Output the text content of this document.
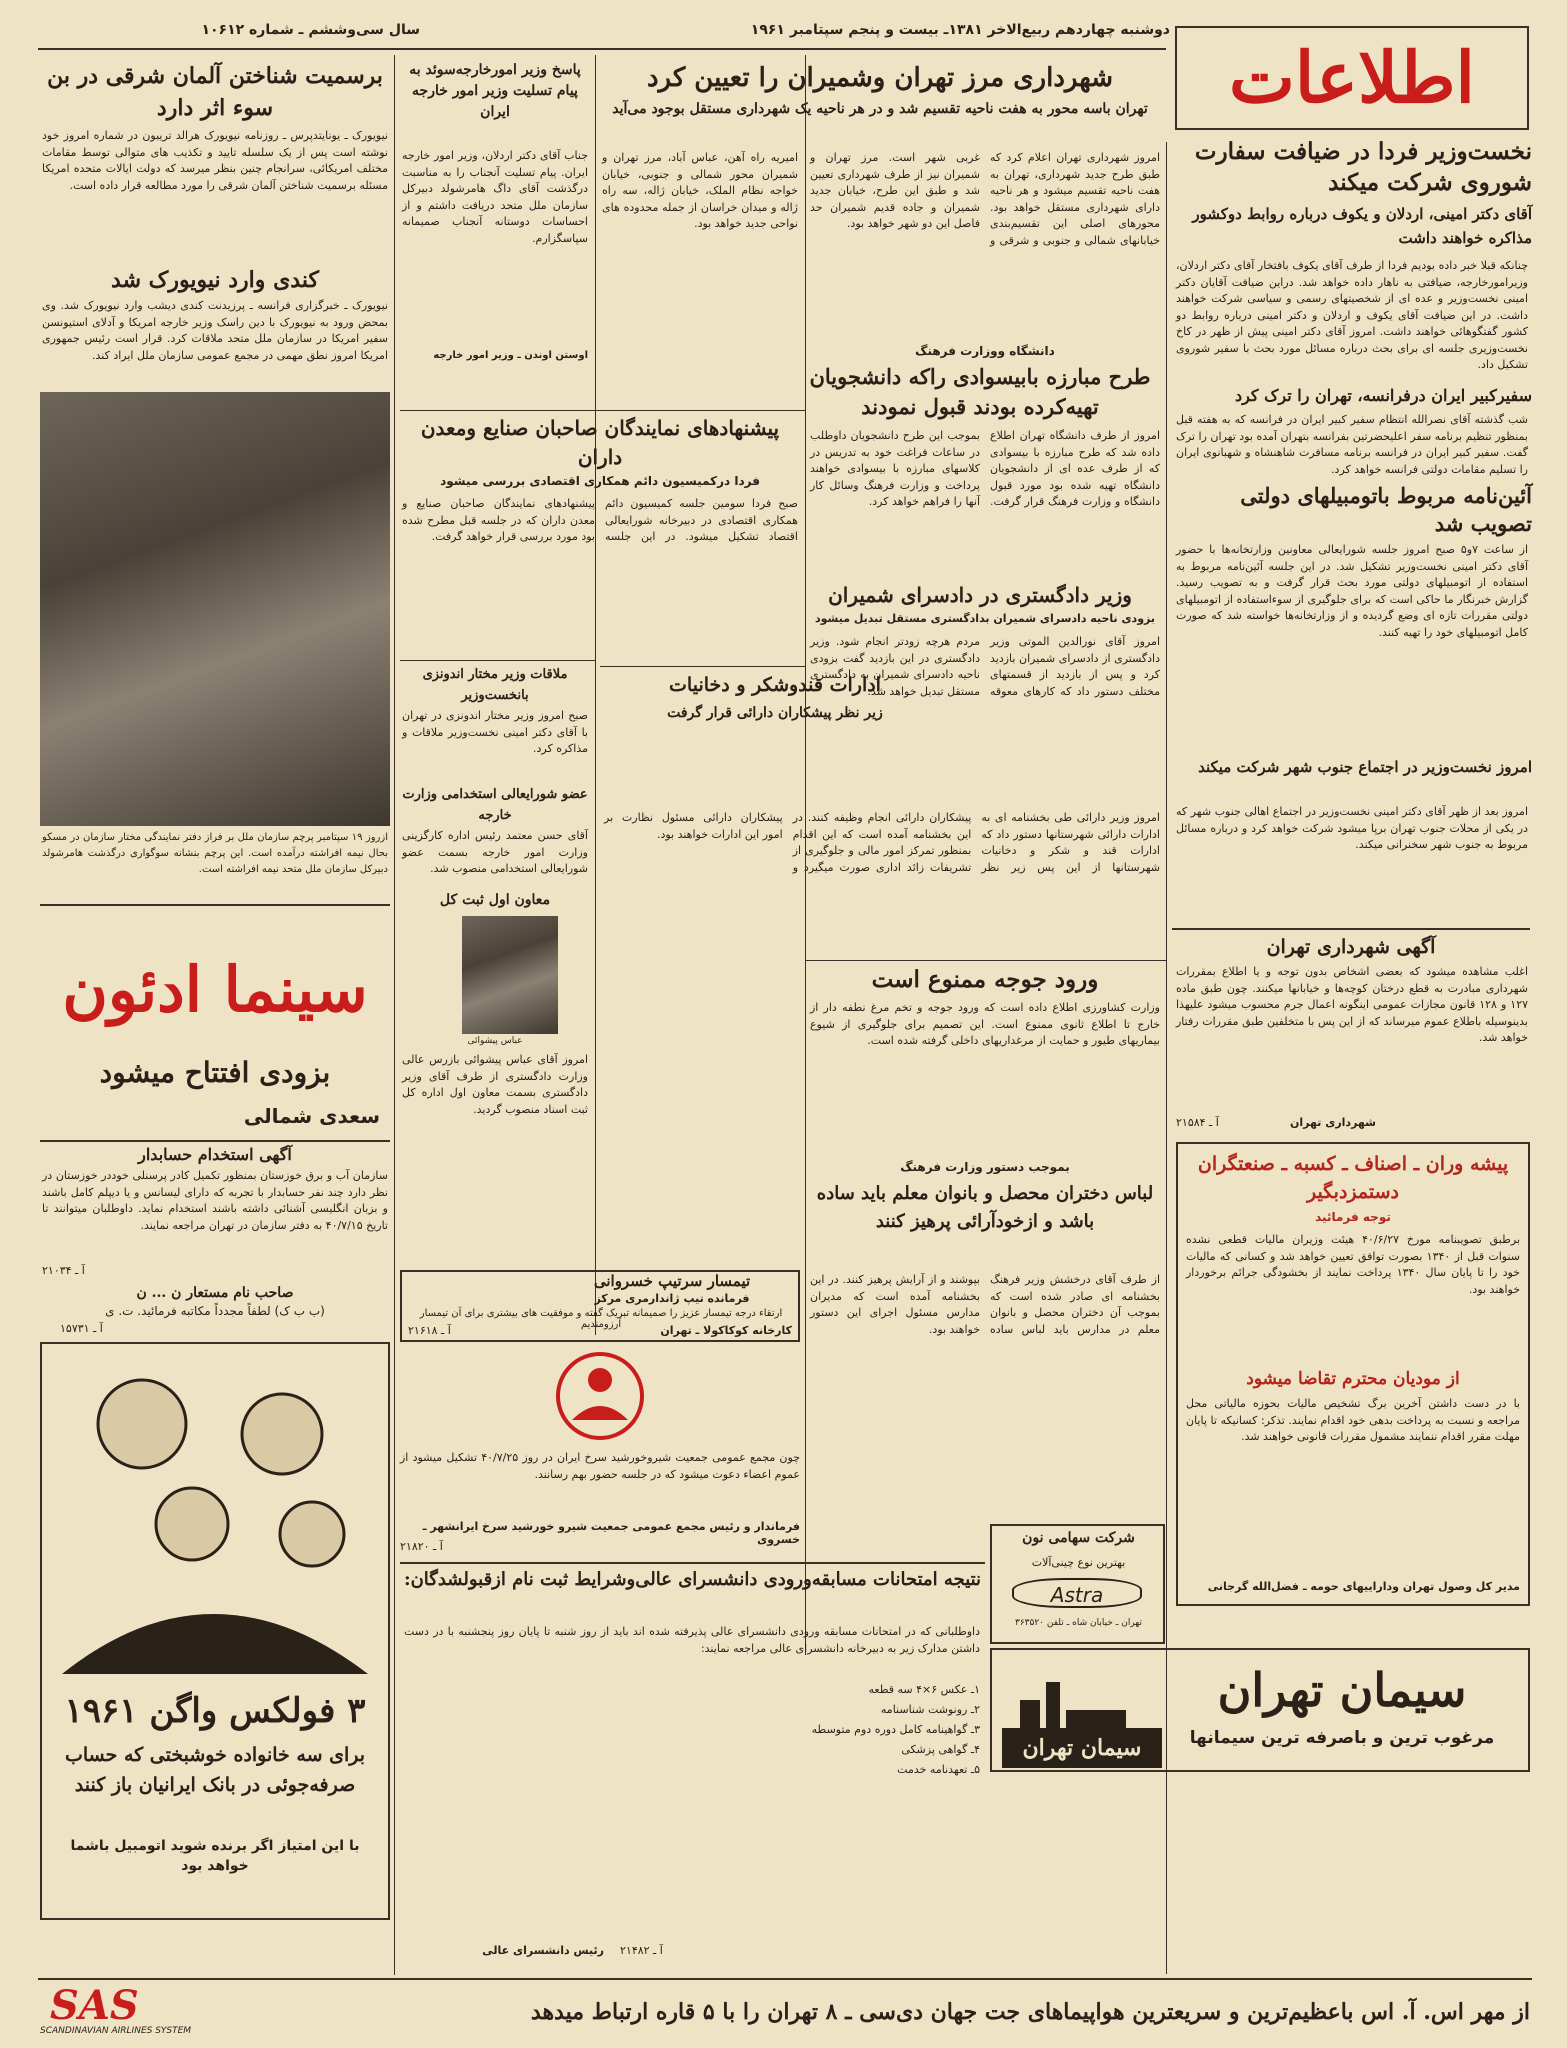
دوشنبه چهاردهم ربیع‌الاخر ۱۳۸۱ـ بیست و پنجم سپتامبر ۱۹۶۱
سال سی‌وششم ـ شماره ۱۰۶۱۲
اطلاعات
نخست‌وزیر فردا در ضیافت سفارت شوروی شرکت میکند
آقای دکتر امینی، اردلان و یکوف درباره روابط دوکشور مذاکره خواهند داشت
چنانکه قبلا خبر داده بودیم فردا از طرف آقای یکوف بافتخار آقای دکتر اردلان، وزیرامورخارجه، ضیافتی به ناهار داده خواهد شد. دراین ضیافت آقایان دکتر امینی نخست‌وزیر و عده ای از شخصیتهای رسمی و سیاسی شرکت خواهند داشت. در این ضیافت آقای یکوف و اردلان و دکتر امینی درباره روابط دو کشور گفتگوهائی خواهند داشت. امروز آقای دکتر امینی پیش از ظهر در کاخ نخست‌وزیری جلسه ای برای بحث درباره مسائل مورد بحث با سفیر شوروی تشکیل داد.
سفیرکبیر ایران درفرانسه، تهران را ترک کرد
شب گذشته آقای نصرالله انتظام سفیر کبیر ایران در فرانسه که به هفته قبل بمنظور تنظیم برنامه سفر اعلیحضرتین بفرانسه بتهران آمده بود تهران را ترک گفت. سفیر کبیر ایران در فرانسه برنامه مسافرت شاهنشاه و شهبانوی ایران را تسلیم مقامات دولتی فرانسه خواهد کرد.
آئین‌نامه مربوط باتومبیلهای دولتی تصویب شد
از ساعت ۷و۵ صبح امروز جلسه شورایعالی معاونین وزارتخانه‌ها با حضور آقای دکتر امینی نخست‌وزیر تشکیل شد. در این جلسه آئین‌نامه مربوط به استفاده از اتومبیلهای دولتی مورد بحث قرار گرفت و به تصویب رسید. گزارش خبرنگار ما حاکی است که برای جلوگیری از سوءاستفاده از اتومبیلهای دولتی مقررات تازه ای وضع گردیده و از وزارتخانه‌ها خواسته شد که صورت کامل اتومبیلهای خود را تهیه کنند.
امروز نخست‌وزیر در اجتماع جنوب شهر شرکت میکند
امروز بعد از ظهر آقای دکتر امینی نخست‌وزیر در اجتماع اهالی جنوب شهر که در یکی از محلات جنوب تهران برپا میشود شرکت خواهد کرد و درباره مسائل مربوط به جنوب شهر سخنرانی میکند.
آگهی شهرداری تهران
اغلب مشاهده میشود که بعضی اشخاص بدون توجه و یا اطلاع بمقررات شهرداری مبادرت به قطع درختان کوچه‌ها و خیابانها میکنند. چون طبق ماده ۱۲۷ و ۱۲۸ قانون مجازات عمومی اینگونه اعمال جرم محسوب میشود علیهذا بدینوسیله باطلاع عموم میرساند که از این پس با متخلفین طبق مقررات رفتار خواهد شد.
شهرداری تهران
آ ـ ۲۱۵۸۴
پیشه وران ـ اصناف ـ کسبه ـ صنعتگران دستمزدبگیر
توجه فرمائید
برطبق تصویبنامه مورخ ۴۰/۶/۲۷ هیئت وزیران مالیات قطعی نشده سنوات قبل از ۱۳۴۰ بصورت توافق تعیین خواهد شد و کسانی که مالیات خود را تا پایان سال ۱۳۴۰ پرداخت نمایند از بخشودگی جرائم برخوردار خواهند بود.
از مودیان محترم تقاضا میشود
با در دست داشتن آخرین برگ تشخیص مالیات بحوزه مالیاتی محل مراجعه و نسبت به پرداخت بدهی خود اقدام نمایند. تذکر: کسانیکه تا پایان مهلت مقرر اقدام ننمایند مشمول مقررات قانونی خواهند شد.
مدیر کل وصول تهران وداراییهای حومه ـ فضل‌الله گرجانی
سیمان تهران
سیمان تهران
مرغوب ترین و باصرفه ترین سیمانها
شهرداری مرز تهران وشمیران را تعیین کرد
تهران باسه محور به هفت ناحیه تقسیم شد و در هر ناحیه یک شهرداری مستقل بوجود می‌آید
امروز شهرداری تهران اعلام کرد که طبق طرح جدید شهرداری، تهران به هفت ناحیه تقسیم میشود و هر ناحیه دارای شهرداری مستقل خواهد بود. محورهای اصلی این تقسیم‌بندی خیابانهای شمالی و جنوبی و شرقی و غربی شهر است. مرز تهران و شمیران نیز از طرف شهرداری تعیین شد و طبق این طرح، خیابان جدید شمیران و جاده قدیم شمیران حد فاصل این دو شهر خواهد بود.
دانشگاه ووزارت فرهنگ
طرح مبارزه بابیسوادی راکه دانشجویان تهیه‌کرده بودند قبول نمودند
امروز از طرف دانشگاه تهران اطلاع داده شد که طرح مبارزه با بیسوادی که از طرف عده ای از دانشجویان دانشگاه تهیه شده بود مورد قبول دانشگاه و وزارت فرهنگ قرار گرفت. بموجب این طرح دانشجویان داوطلب در ساعات فراغت خود به تدریس در کلاسهای مبارزه با بیسوادی خواهند پرداخت و وزارت فرهنگ وسائل کار آنها را فراهم خواهد کرد.
وزیر دادگستری در دادسرای شمیران
بزودی ناحیه دادسرای شمیران بدادگستری مستقل تبدیل میشود
امروز آقای نورالدین الموتی وزیر دادگستری از دادسرای شمیران بازدید کرد و پس از بازدید از قسمتهای مختلف دستور داد که کارهای معوقه مردم هرچه زودتر انجام شود. وزیر دادگستری در این بازدید گفت بزودی ناحیه دادسرای شمیران به دادگستری مستقل تبدیل خواهد شد.
ادارات قندوشکر و دخانیات
زیر نظر پیشکاران دارائی قرار گرفت
امروز وزیر دارائی طی بخشنامه ای به ادارات دارائی شهرستانها دستور داد که ادارات قند و شکر و دخانیات شهرستانها از این پس زیر نظر پیشکاران دارائی انجام وظیفه کنند. در این بخشنامه آمده است که این اقدام بمنظور تمرکز امور مالی و جلوگیری از تشریفات زائد اداری صورت میگیرد و پیشکاران دارائی مسئول نظارت بر امور این ادارات خواهند بود.
ورود جوجه ممنوع است
وزارت کشاورزی اطلاع داده است که ورود جوجه و تخم مرغ نطفه دار از خارج تا اطلاع ثانوی ممنوع است. این تصمیم برای جلوگیری از شیوع بیماریهای طیور و حمایت از مرغداریهای داخلی گرفته شده است.
بموجب دستور وزارت فرهنگ
لباس دختران محصل و بانوان معلم باید ساده باشد و ازخودآرائی پرهیز کنند
از طرف آقای درخشش وزیر فرهنگ بخشنامه ای صادر شده است که بموجب آن دختران محصل و بانوان معلم در مدارس باید لباس ساده بپوشند و از آرایش پرهیز کنند. در این بخشنامه آمده است که مدیران مدارس مسئول اجرای این دستور خواهند بود.
چون مجمع عمومی جمعیت شیروخورشید سرخ ایران در روز ۴۰/۷/۲۵ تشکیل میشود از عموم اعضاء دعوت میشود که در جلسه حضور بهم رسانند.
فرماندار و رئیس مجمع عمومی جمعیت شیرو خورشید سرخ ایرانشهر ـ خسروی
آ ـ ۲۱۸۲۰
تیمسار سرتیپ خسروانی
فرمانده تیپ ژاندارمری مرکز
ارتقاء درجه تیمسار عزیز را صمیمانه تبریک گفته و موفقیت های بیشتری برای آن تیمسار آرزومندیم	کارخانه کوکاکولا ـ تهران
آ ـ ۲۱۶۱۸
شرکت سهامی نون
بهترین نوع چینی‌آلات
Astra
تهران ـ خیابان شاه ـ تلفن ۳۶۳۵۲۰
نتیجه امتحانات مسابقه‌ورودی دانشسرای عالی‌وشرایط ثبت نام ازقبولشدگان:
داوطلبانی که در امتحانات مسابقه ورودی دانشسرای عالی پذیرفته شده اند باید از روز شنبه تا پایان روز پنجشنبه با در دست داشتن مدارک زیر به دبیرخانه دانشسرای عالی مراجعه نمایند:
۱ـ عکس ۶×۴ سه قطعه
۲ـ رونوشت شناسنامه
۳ـ گواهینامه کامل دوره دوم متوسطه
۴ـ گواهی پزشکی
۵ـ تعهدنامه خدمت
رئیس دانشسرای عالی آ ـ ۲۱۴۸۲
پاسخ وزیر امورخارجه‌سوئد به پیام تسلیت وزیر امور خارجه ایران
جناب آقای دکتر اردلان، وزیر امور خارجه ایران. پیام تسلیت آنجناب را به مناسبت درگذشت آقای داگ هامرشولد دبیرکل سازمان ملل متحد دریافت داشتم و از احساسات دوستانه آنجناب صمیمانه سپاسگزارم.
اوستن اوندن ـ وزیر امور خارجه
امیریه راه آهن، عباس آباد، مرز تهران و شمیران محور شمالی و جنوبی، خیابان خواجه نظام الملک، خیابان ژاله، سه راه ژاله و میدان خراسان از جمله محدوده های نواحی جدید خواهد بود.
پیشنهادهای نمایندگان صاحبان صنایع ومعدن داران
فردا درکمیسیون دائم همکاری اقتصادی بررسی میشود
صبح فردا سومین جلسه کمیسیون دائم همکاری اقتصادی در دبیرخانه شورایعالی اقتصاد تشکیل میشود. در این جلسه پیشنهادهای نمایندگان صاحبان صنایع و معدن داران که در جلسه قبل مطرح شده بود مورد بررسی قرار خواهد گرفت.
ملاقات وزیر مختار اندونزی بانخست‌وزیر
صبح امروز وزیر مختار اندونزی در تهران با آقای دکتر امینی نخست‌وزیر ملاقات و مذاکره کرد.
عضو شورایعالی استخدامی وزارت خارجه
آقای حسن معتمد رئیس اداره کارگزینی وزارت امور خارجه بسمت عضو شورایعالی استخدامی منصوب شد.
معاون اول ثبت کل
عباس پیشوائی
امروز آقای عباس پیشوائی بازرس عالی وزارت دادگستری از طرف آقای وزیر دادگستری بسمت معاون اول اداره کل ثبت اسناد منصوب گردید.
برسمیت شناختن آلمان شرقی در بن سوء اثر دارد
نیویورک ـ یونایتدپرس ـ روزنامه نیویورک هرالد تریبون در شماره امروز خود نوشته است پس از یک سلسله تایید و تکذیب های متوالی توسط مقامات مختلف امریکائی، سرانجام چنین بنظر میرسد که دولت ایالات متحده امریکا مسئله برسمیت شناختن آلمان شرقی را مورد مطالعه قرار داده است.
کندی وارد نیویورک شد
نیویورک ـ خبرگزاری فرانسه ـ پرزیدنت کندی دیشب وارد نیویورک شد. وی بمحض ورود به نیویورک با دین راسک وزیر خارجه امریکا و آدلای استیونسن سفیر امریکا در سازمان ملل متحد ملاقات کرد. قرار است رئیس جمهوری امریکا امروز نطق مهمی در مجمع عمومی سازمان ملل ایراد کند.
ازروز ۱۹ سپتامبر پرچم سازمان ملل بر فراز دفتر نمایندگی مختار سازمان در مسکو بحال نیمه افراشته درآمده است. این پرچم بنشانه سوگواری درگذشت هامرشولد دبیرکل سازمان ملل متحد نیمه افراشته است.
سینما ادئون
بزودی افتتاح میشود
سعدی شمالی
آگهی استخدام حسابدار
سازمان آب و برق خوزستان بمنظور تکمیل کادر پرسنلی خوددر خوزستان در نظر دارد چند نفر حسابدار با تجربه که دارای لیسانس و یا دیپلم کامل باشند و بزبان انگلیسی آشنائی داشته باشند استخدام نماید. داوطلبان میتوانند تا تاریخ ۴۰/۷/۱۵ به دفتر سازمان در تهران مراجعه نمایند.
آ ـ ۲۱۰۳۴
صاحب نام مستعار ن ... ن
(ب ب ک) لطفاً مجدداً مکاتبه فرمائید. ت. ی
آ ـ ۱۵۷۳۱
۳ فولکس واگن ۱۹۶۱
برای سه خانواده خوشبختی که حساب صرفه‌جوئی در بانک ایرانیان باز کنند
با این امتیاز اگر برنده شوید اتومبیل باشما خواهد بود
SAS
SCANDINAVIAN AIRLINES SYSTEM
از مهر اس. آ. اس باعظیم‌ترین و سریعترین هواپیماهای جت جهان دی‌سی ـ ۸ تهران را با ۵ قاره ارتباط میدهد
